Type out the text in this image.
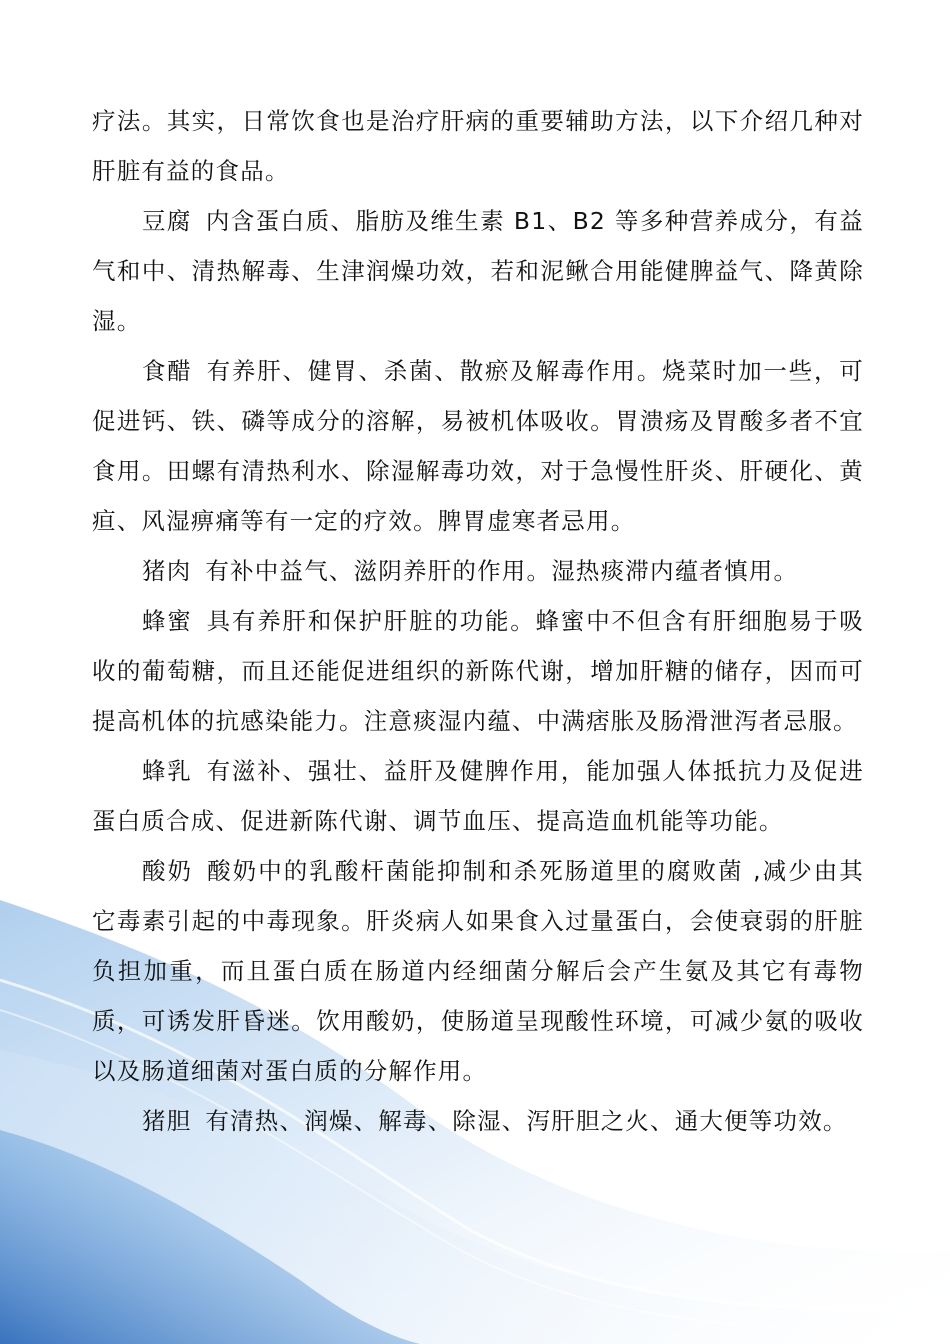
疗法。其实，日常饮食也是治疗肝病的重要辅助方法，以下介绍几种对肝脏有益的食品。

豆腐 内含蛋白质、脂肪及维生素 B1、B2 等多种营养成分，有益气和中、清热解毒、生津润燥功效，若和泥鳅合用能健脾益气、降黄除湿。

食醋 有养肝、健胃、杀菌、散瘀及解毒作用。烧菜时加一些，可促进钙、铁、磷等成分的溶解，易被机体吸收。胃溃疡及胃酸多者不宜食用。田螺有清热利水、除湿解毒功效，对于急慢性肝炎、肝硬化、黄疸、风湿痹痛等有一定的疗效。脾胃虚寒者忌用。

猪肉 有补中益气、滋阴养肝的作用。湿热痰滞内蕴者慎用。

蜂蜜 具有养肝和保护肝脏的功能。蜂蜜中不但含有肝细胞易于吸收的葡萄糖，而且还能促进组织的新陈代谢，增加肝糖的储存，因而可提高机体的抗感染能力。注意痰湿内蕴、中满痞胀及肠滑泄泻者忌服。

蜂乳 有滋补、强壮、益肝及健脾作用，能加强人体抵抗力及促进蛋白质合成、促进新陈代谢、调节血压、提高造血机能等功能。

酸奶 酸奶中的乳酸杆菌能抑制和杀死肠道里的腐败菌 ,减少由其它毒素引起的中毒现象。肝炎病人如果食入过量蛋白，会使衰弱的肝脏负担加重，而且蛋白质在肠道内经细菌分解后会产生氨及其它有毒物质，可诱发肝昏迷。饮用酸奶，使肠道呈现酸性环境，可减少氨的吸收以及肠道细菌对蛋白质的分解作用。

猪胆 有清热、润燥、解毒、除湿、泻肝胆之火、通大便等功效。
